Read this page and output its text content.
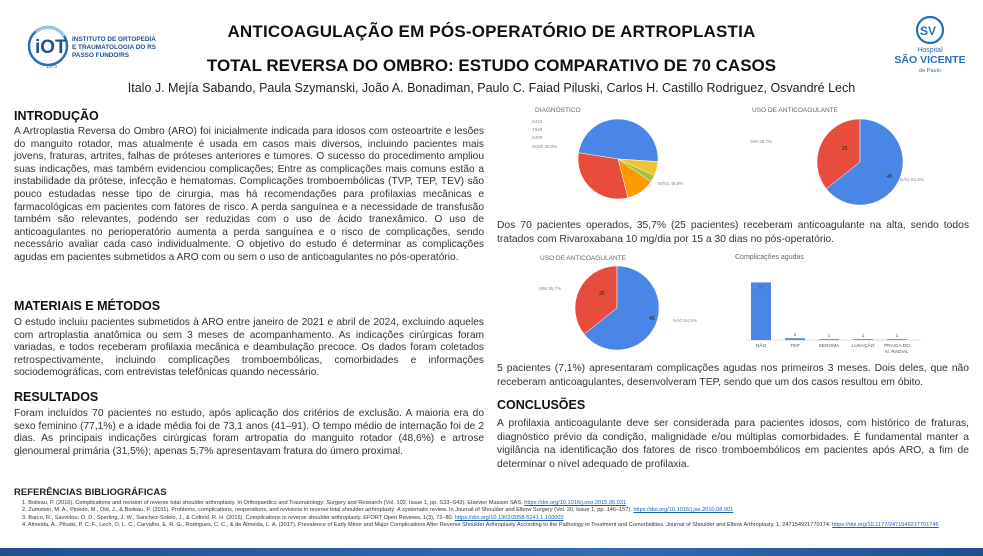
iOT
1975
INSTITUTO DE ORTOPEDIA
E TRAUMATOLOGIA DO RS
PASSO FUNDO/RS
SV
Hospital
SÃO VICENTE
de Paulo
ANTICOAGULAÇÃO EM PÓS-OPERATÓRIO DE ARTROPLASTIA
TOTAL REVERSA DO OMBRO: ESTUDO COMPARATIVO DE 70 CASOS
Italo J. Mejía Sabando, Paula Szymanski, João A. Bonadiman, Paulo C. Faiad Piluski, Carlos H. Castillo Rodriguez, Osvandré Lech
INTRODUÇÃO
A Artroplastia Reversa do Ombro (ARO) foi inicialmente indicada para idosos com osteoartrite e lesões do manguito rotador, mas atualmente é usada em casos mais diversos, incluindo pacientes mais jovens, fraturas, artrites, falhas de próteses anteriores e tumores. O sucesso do procedimento ampliou suas indicações, mas também evidenciou complicações; Entre as complicações mais comuns estão a instabilidade da prótese, infecção e hematomas. Complicações tromboembólicas (TVP, TEP, TEV) são pouco estudadas nesse tipo de cirurgia, mas há recomendações para profilaxias mecânicas e farmacológicas em pacientes com fatores de risco. A perda sanguínea e a necessidade de transfusão também são relevantes, podendo ser reduzidas com o uso de ácido tranexâmico. O uso de anticoagulantes no perioperatório aumenta a perda sanguínea e o risco de complicações, sendo necessário avaliar cada caso individualmente. O objetivo do estudo é determinar as complicações agudas em pacientes submetidos a ARO com ou sem o uso de anticoagulantes no pós-operatório.
MATERIAIS E MÉTODOS
O estudo incluiu pacientes submetidos à ARO entre janeiro de 2021 e abril de 2024, excluindo aqueles com artroplastia anatômica ou sem 3 meses de acompanhamento. As indicações cirúrgicas foram variadas, e todos receberam profilaxia mecânica e deambulação precoce. Os dados foram coletados retrospectivamente, incluindo complicações tromboembólicas, comorbidades e informações sociodemográficas, com entrevistas telefônicas quando necessário.
RESULTADOS
Foram incluídos 70 pacientes no estudo, após aplicação dos critérios de exclusão. A maioria era do sexo feminino (77,1%) e a idade média foi de 73,1 anos (41–91). O tempo médio de internação foi de 2 dias. As principais indicações cirúrgicas foram artropatia do manguito rotador (48,6%) e artrose glenoumeral primária (31,5%); apenas 5,7% apresentavam fratura do úmero proximal.
REFERÊNCIAS BIBLIOGRÁFICAS
1. Boileau, P. (2016). Complications and revision of reverse total shoulder arthroplasty. In Orthopaedics and Traumatology: Surgery and Research (Vol. 102, Issue 1, pp. S33–S43). Elsevier Masson SAS. https://doi.org/10.1016/j.otsr.2015.06.031
2. Zumstein, M. A., Pinedo, M., Old, J., & Boileau, P. (2011). Problems, complications, reoperations, and revisions in reverse total shoulder arthroplasty: A systematic review. In Journal of Shoulder and Elbow Surgery (Vol. 20, Issue 1, pp. 146–157). https://doi.org/10.1016/j.jse.2010.08.001
3. Barco, R., Savvidou, O. D., Sperling, J. W., Sanchez-Sotelo, J., & Cofield, R. H. (2016). Complications in reverse shoulder arthroplasty. EFORT Open Reviews, 1(3), 72–80. https://doi.org/10.1302/2058-5241.1.160003
4. Almeida, A., Piluski, P. C. F., Lech, O. L. C., Carvalho, E. R. G., Rodrigues, C. C., & de Almeida, L. A. (2017). Prevalence of Early Minor and Major Complications After Reverse Shoulder Arthroplasty According to the Pathology in Treatment and Comorbidities. Journal of Shoulder and Elbow Arthroplasty, 1, 247154921770174. https://doi.org/10.1177/2471549217701746
DIAGNÓSTICO
S422
T840
S408
M190 30,0%
M751 48,6%
USO DE ANTICOAGULANTE
SIM 35,7%
NÃO 64,3%
25
45
Dos 70 pacientes operados, 35,7% (25 pacientes) receberam anticoagulante na alta, sendo todos tratados com Rivaroxabana 10 mg/dia por 15 a 30 dias no pós-operatório.
USO DE ANTICOAGULANTE
SIM 35,7%
NÃO 64,3%
25
45
Complicações agudas
65
NÃO
2
TEP
1
SEROMA
1
LUXAÇÃO
1
PRAXIA DO N. RADIAL
5 pacientes (7,1%) apresentaram complicações agudas nos primeiros 3 meses. Dois deles, que não receberam anticoagulantes, desenvolveram TEP, sendo que um dos casos resultou em óbito.
CONCLUSÕES
A profilaxia anticoagulante deve ser considerada para pacientes idosos, com histórico de fraturas, diagnóstico prévio da condição, malignidade e/ou múltiplas comorbidades. É fundamental manter a vigilância na identificação dos fatores de risco tromboembólicos em pacientes após ARO, a fim de determinar o nível adequado de profilaxia.
